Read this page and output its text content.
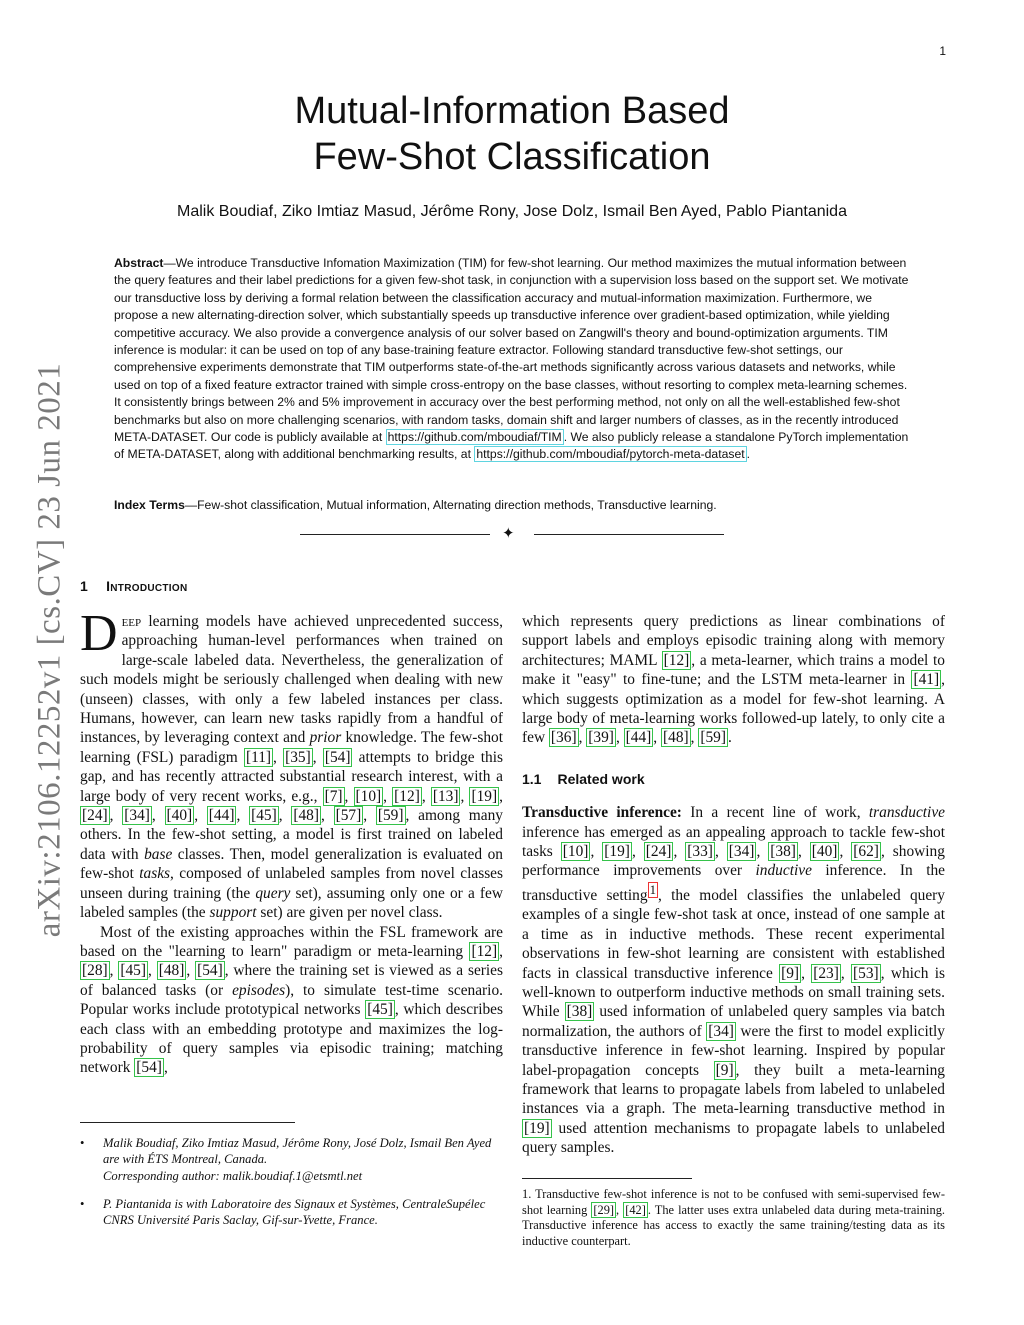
1
arXiv:2106.12252v1 [cs.CV] 23 Jun 2021
Mutual-Information Based
Few-Shot Classification
Malik Boudiaf, Ziko Imtiaz Masud, Jérôme Rony, Jose Dolz, Ismail Ben Ayed, Pablo Piantanida
Abstract—We introduce Transductive Infomation Maximization (TIM) for few-shot learning. Our method maximizes the mutual information between the query features and their label predictions for a given few-shot task, in conjunction with a supervision loss based on the support set. We motivate our transductive loss by deriving a formal relation between the classification accuracy and mutual-information maximization. Furthermore, we propose a new alternating-direction solver, which substantially speeds up transductive inference over gradient-based optimization, while yielding competitive accuracy. We also provide a convergence analysis of our solver based on Zangwill's theory and bound-optimization arguments. TIM inference is modular: it can be used on top of any base-training feature extractor. Following standard transductive few-shot settings, our comprehensive experiments demonstrate that TIM outperforms state-of-the-art methods significantly across various datasets and networks, while used on top of a fixed feature extractor trained with simple cross-entropy on the base classes, without resorting to complex meta-learning schemes. It consistently brings between 2% and 5% improvement in accuracy over the best performing method, not only on all the well-established few-shot benchmarks but also on more challenging scenarios, with random tasks, domain shift and larger numbers of classes, as in the recently introduced META-DATASET. Our code is publicly available at https://github.com/mboudiaf/TIM . We also publicly release a standalone PyTorch implementation of META-DATASET, along with additional benchmarking results, at https://github.com/mboudiaf/pytorch-meta-dataset .
Index Terms—Few-shot classification, Mutual information, Alternating direction methods, Transductive learning.
✦
1 Introduction

Deep learning models have achieved unprecedented success, approaching human-level performances when trained on large-scale labeled data. Nevertheless, the generalization of such models might be seriously challenged when dealing with new (unseen) classes, with only a few labeled instances per class. Humans, however, can learn new tasks rapidly from a handful of instances, by leveraging context and prior knowledge. The few-shot learning (FSL) paradigm [11] , [35] , [54] attempts to bridge this gap, and has recently attracted substantial research interest, with a large body of very recent works, e.g., [7] , [10] , [12] , [13] , [19] , [24] , [34] , [40] , [44] , [45] , [48] , [57] , [59] , among many others. In the few-shot setting, a model is first trained on labeled data with base classes. Then, model generalization is evaluated on few-shot tasks, composed of unlabeled samples from novel classes unseen during training (the query set), assuming only one or a few labeled samples (the support set) are given per novel class.

Most of the existing approaches within the FSL framework are based on the "learning to learn" paradigm or meta-learning [12] , [28] , [45] , [48] , [54] , where the training set is viewed as a series of balanced tasks (or episodes), to simulate test-time scenario. Popular works include prototypical networks [45] , which describes each class with an embedding prototype and maximizes the log-probability of query samples via episodic training; matching network [54] ,

• Malik Boudiaf, Ziko Imtiaz Masud, Jérôme Rony, José Dolz, Ismail Ben Ayed are with ÉTS Montreal, Canada.
Corresponding author: malik.boudiaf.1@etsmtl.net
• P. Piantanida is with Laboratoire des Signaux et Systèmes, CentraleSupélec CNRS Université Paris Saclay, Gif-sur-Yvette, France.

which represents query predictions as linear combinations of support labels and employs episodic training along with memory architectures; MAML [12] , a meta-learner, which trains a model to make it "easy" to fine-tune; and the LSTM meta-learner in [41] , which suggests optimization as a model for few-shot learning. A large body of meta-learning works followed-up lately, to only cite a few [36] , [39] , [44] , [48] , [59] .

1.1 Related work

Transductive inference: In a recent line of work, transductive inference has emerged as an appealing approach to tackle few-shot tasks [10] , [19] , [24] , [33] , [34] , [38] , [40] , [62] , showing performance improvements over inductive inference. In the transductive setting $^1$ , the model classifies the unlabeled query examples of a single few-shot task at once, instead of one sample at a time as in inductive methods. These recent experimental observations in few-shot learning are consistent with established facts in classical transductive inference [9] , [23] , [53] , which is well-known to outperform inductive methods on small training sets. While [38] used information of unlabeled query samples via batch normalization, the authors of [34] were the first to model explicitly transductive inference in few-shot learning. Inspired by popular label-propagation concepts [9] , they built a meta-learning framework that learns to propagate labels from labeled to unlabeled instances via a graph. The meta-learning transductive method in [19] used attention mechanisms to propagate labels to unlabeled query samples.

1. Transductive few-shot inference is not to be confused with semi-supervised few-shot learning [29] , [42] . The latter uses extra unlabeled data during meta-training. Transductive inference has access to exactly the same training/testing data as its inductive counterpart.
